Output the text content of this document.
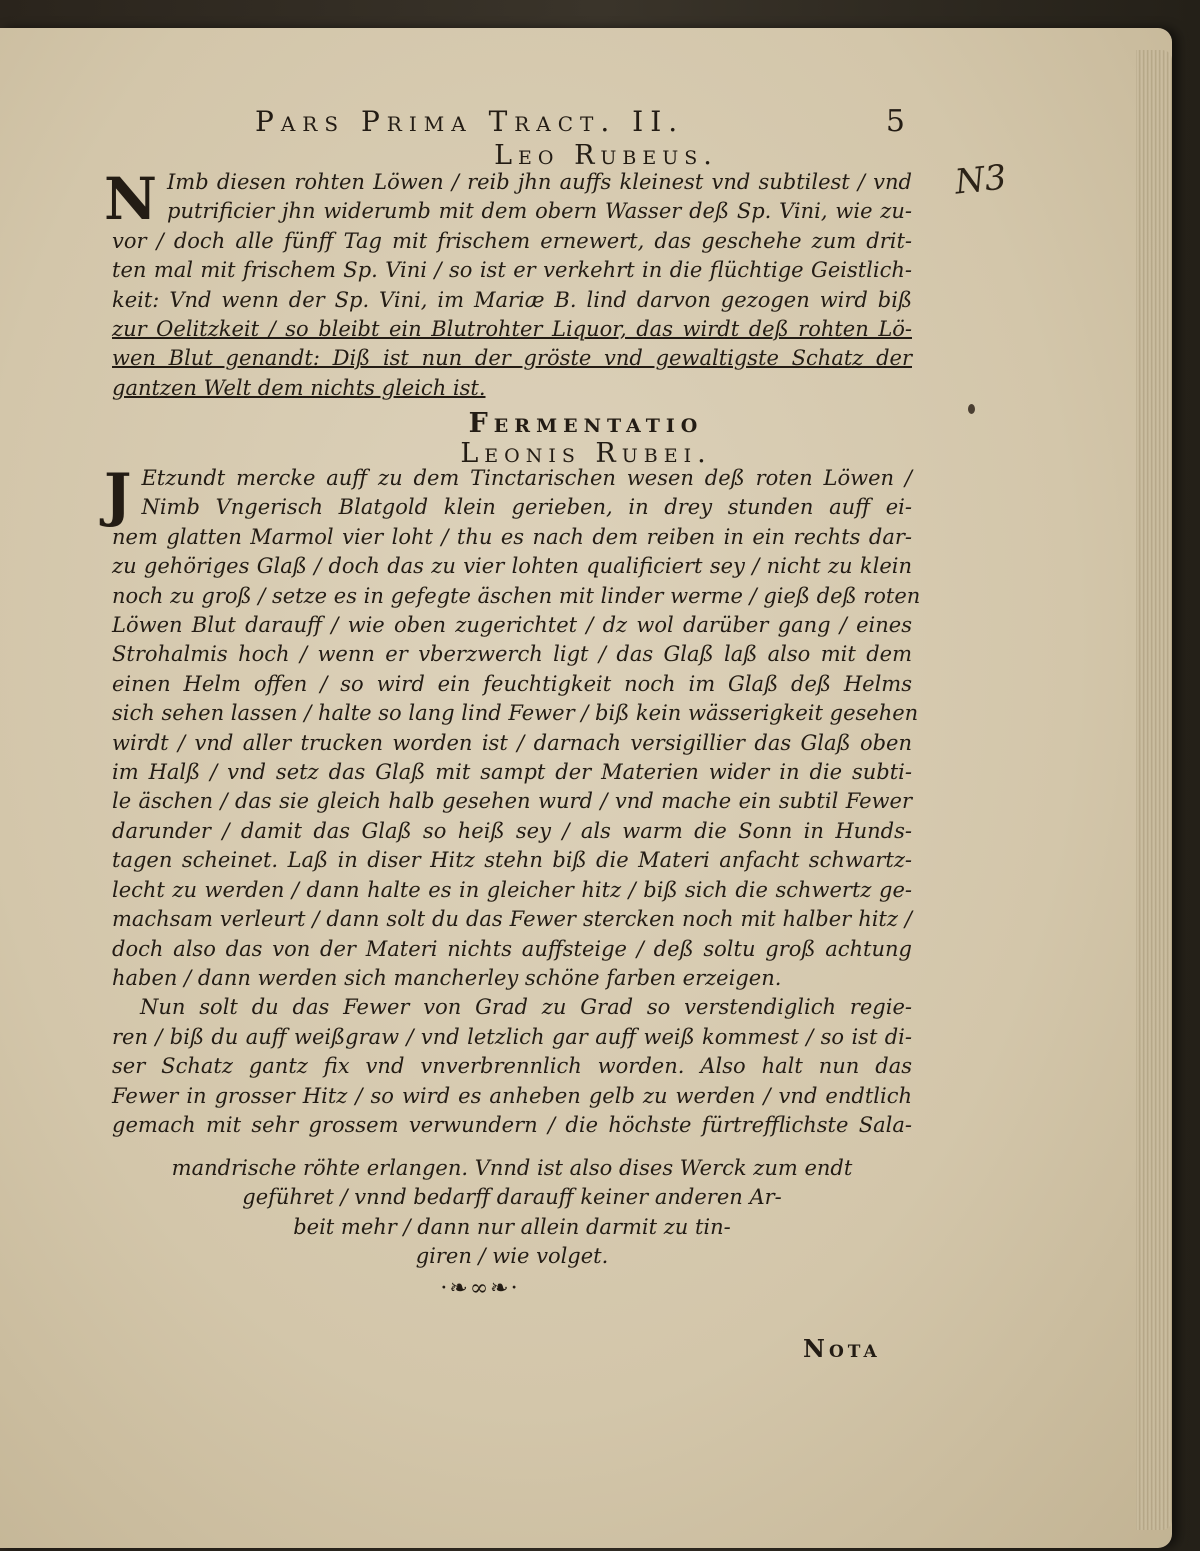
Pars Prima Tract. II.	5
Leo Rubeus.
N Imb diesen rohten Löwen / reib jhn auffs kleinest vnd subtilest / vnd
putrificier jhn widerumb mit dem obern Wasser deß Sp. Vini, wie zu-
vor / doch alle fünff Tag mit frischem ernewert, das geschehe zum drit-
ten mal mit frischem Sp. Vini / so ist er verkehrt in die flüchtige Geistlich-
keit: Vnd wenn der Sp. Vini, im Mariæ B. lind darvon gezogen wird biß
zur Oelitzkeit / so bleibt ein Blutrohter Liquor, das wirdt deß rohten Lö-
wen Blut genandt: Diß ist nun der gröste vnd gewaltigste Schatz der
gantzen Welt dem nichts gleich ist.
Fermentatio
Leonis Rubei.
J Etzundt mercke auff zu dem Tinctarischen wesen deß roten Löwen /
Nimb Vngerisch Blatgold klein gerieben, in drey stunden auff ei-
nem glatten Marmol vier loht / thu es nach dem reiben in ein rechts dar-
zu gehöriges Glaß / doch das zu vier lohten qualificiert sey / nicht zu klein
noch zu groß / setze es in gefegte äschen mit linder werme / gieß deß roten
Löwen Blut darauff / wie oben zugerichtet / dz wol darüber gang / eines
Strohalmis hoch / wenn er vberzwerch ligt / das Glaß laß also mit dem
einen Helm offen / so wird ein feuchtigkeit noch im Glaß deß Helms
sich sehen lassen / halte so lang lind Fewer / biß kein wässerigkeit gesehen
wirdt / vnd aller trucken worden ist / darnach versigillier das Glaß oben
im Halß / vnd setz das Glaß mit sampt der Materien wider in die subti-
le äschen / das sie gleich halb gesehen wurd / vnd mache ein subtil Fewer
darunder / damit das Glaß so heiß sey / als warm die Sonn in Hunds-
tagen scheinet. Laß in diser Hitz stehn biß die Materi anfacht schwartz-
lecht zu werden / dann halte es in gleicher hitz / biß sich die schwertz ge-
machsam verleurt / dann solt du das Fewer stercken noch mit halber hitz /
doch also das von der Materi nichts auffsteige / deß soltu groß achtung
haben / dann werden sich mancherley schöne farben erzeigen.
Nun solt du das Fewer von Grad zu Grad so verstendiglich regie-
ren / biß du auff weißgraw / vnd letzlich gar auff weiß kommest / so ist di-
ser Schatz gantz fix vnd vnverbrennlich worden. Also halt nun das
Fewer in grosser Hitz / so wird es anheben gelb zu werden / vnd endtlich
gemach mit sehr grossem verwundern / die höchste fürtrefflichste Sala-
mandrische röhte erlangen. Vnnd ist also dises Werck zum endt
geführet / vnnd bedarff darauff keiner anderen Ar-
beit mehr / dann nur allein darmit zu tin-
giren / wie volget.
·❧∞❧·
Nota
N3
